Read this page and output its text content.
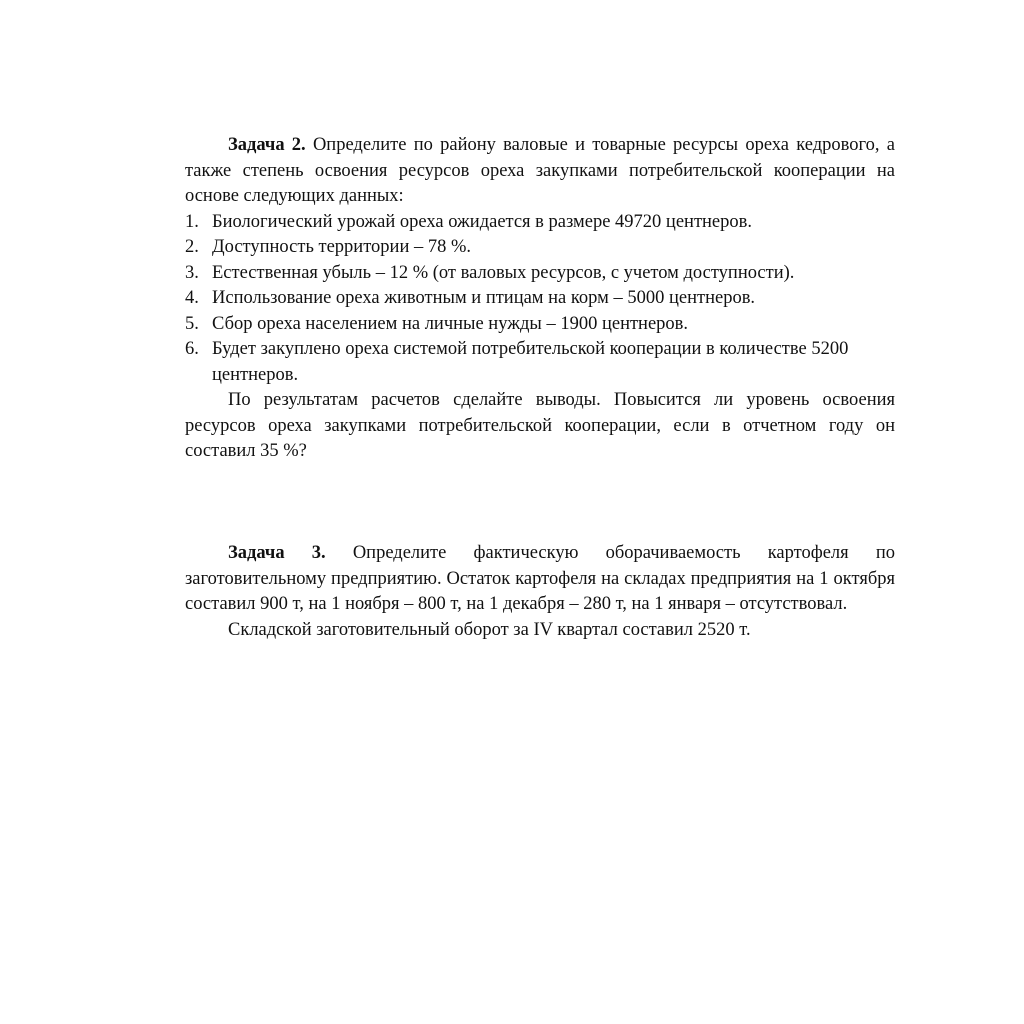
Задача 2. Определите по району валовые и товарные ресурсы ореха кедрового, а также степень освоения ресурсов ореха закупками потребительской кооперации на основе следующих данных:

1. Биологический урожай ореха ожидается в размере 49720 центнеров.
2. Доступность территории – 78 %.
3. Естественная убыль – 12 % (от валовых ресурсов, с учетом доступности).
4. Использование ореха животным и птицам на корм – 5000 центнеров.
5. Сбор ореха населением на личные нужды – 1900 центнеров.
6. Будет закуплено ореха системой потребительской кооперации в количестве 5200 центнеров.

По результатам расчетов сделайте выводы. Повысится ли уровень освоения ресурсов ореха закупками потребительской кооперации, если в отчетном году он составил 35 %?

Задача 3. Определите фактическую оборачиваемость картофеля по заготовительному предприятию. Остаток картофеля на складах предприятия на 1 октября составил 900 т, на 1 ноября – 800 т, на 1 декабря – 280 т, на 1 января – отсутствовал.

Складской заготовительный оборот за IV квартал составил 2520 т.
